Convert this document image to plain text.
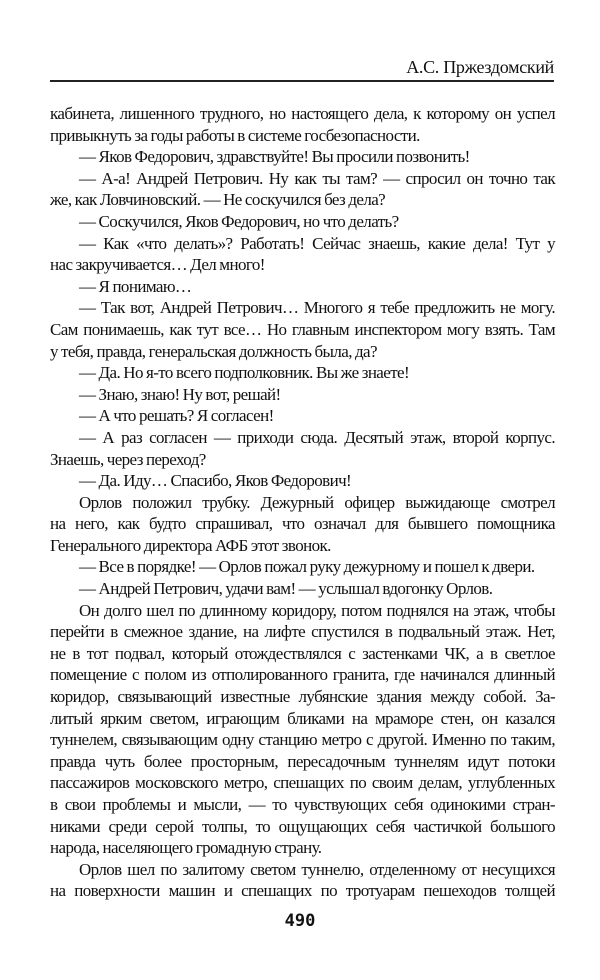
А.С. Пржездомский
кабинета, лишенного трудного, но настоящего дела, к которому он успел
привыкнуть за годы работы в системе госбезопасности.
— Яков Федорович, здравствуйте! Вы просили позвонить!
— А-а! Андрей Петрович. Ну как ты там? — спросил он точно так
же, как Ловчиновский. — Не соскучился без дела?
— Соскучился, Яков Федорович, но что делать?
— Как «что делать»? Работать! Сейчас знаешь, какие дела! Тут у
нас закручивается… Дел много!
— Я понимаю…
— Так вот, Андрей Петрович… Многого я тебе предложить не могу.
Сам понимаешь, как тут все… Но главным инспектором могу взять. Там
у тебя, правда, генеральская должность была, да?
— Да. Но я-то всего подполковник. Вы же знаете!
— Знаю, знаю! Ну вот, решай!
— А что решать? Я согласен!
— А раз согласен — приходи сюда. Десятый этаж, второй корпус.
Знаешь, через переход?
— Да. Иду… Спасибо, Яков Федорович!
Орлов положил трубку. Дежурный офицер выжидающе смотрел
на него, как будто спрашивал, что означал для бывшего помощника
Генерального директора АФБ этот звонок.
— Все в порядке! — Орлов пожал руку дежурному и пошел к двери.
— Андрей Петрович, удачи вам! — услышал вдогонку Орлов.
Он долго шел по длинному коридору, потом поднялся на этаж, чтобы
перейти в смежное здание, на лифте спустился в подвальный этаж. Нет,
не в тот подвал, который отождествлялся с застенками ЧК, а в светлое
помещение с полом из отполированного гранита, где начинался длинный
коридор, связывающий известные лубянские здания между собой. За-
литый ярким светом, играющим бликами на мраморе стен, он казался
туннелем, связывающим одну станцию метро с другой. Именно по таким,
правда чуть более просторным, пересадочным туннелям идут потоки
пассажиров московского метро, спешащих по своим делам, углубленных
в свои проблемы и мысли, — то чувствующих себя одинокими стран-
никами среди серой толпы, то ощущающих себя частичкой большого
народа, населяющего громадную страну.
Орлов шел по залитому светом туннелю, отделенному от несущихся
на поверхности машин и спешащих по тротуарам пешеходов толщей
490
